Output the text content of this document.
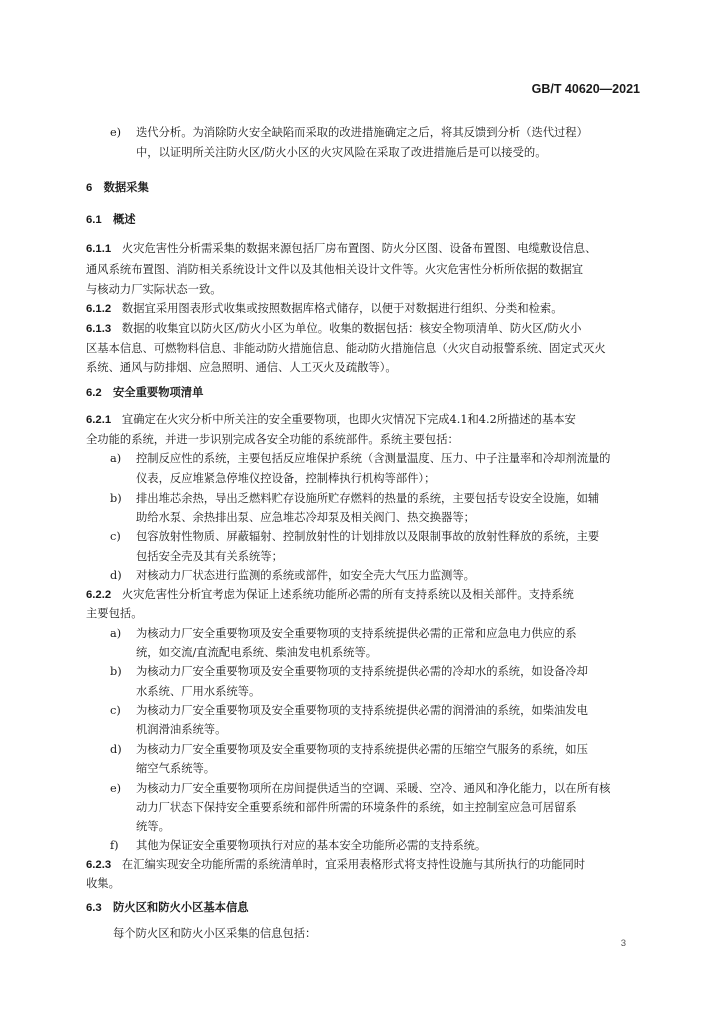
GB/T 40620—2021
e) 迭代分析。为消除防火安全缺陷而采取的改进措施确定之后，将其反馈到分析（迭代过程）
中，以证明所关注防火区/防火小区的火灾风险在采取了改进措施后是可以接受的。
6　数据采集
6.1　概述
6.1.1 火灾危害性分析需采集的数据来源包括厂房布置图、防火分区图、设备布置图、电缆敷设信息、
通风系统布置图、消防相关系统设计文件以及其他相关设计文件等。火灾危害性分析所依据的数据宜
与核动力厂实际状态一致。
6.1.2 数据宜采用图表形式收集或按照数据库格式储存，以便于对数据进行组织、分类和检索。
6.1.3 数据的收集宜以防火区/防火小区为单位。收集的数据包括：核安全物项清单、防火区/防火小
区基本信息、可燃物料信息、非能动防火措施信息、能动防火措施信息（火灾自动报警系统、固定式灭火
系统、通风与防排烟、应急照明、通信、人工灭火及疏散等）。
6.2　安全重要物项清单
6.2.1 宜确定在火灾分析中所关注的安全重要物项，也即火灾情况下完成4.1和4.2所描述的基本安
全功能的系统，并进一步识别完成各安全功能的系统部件。系统主要包括：
a) 控制反应性的系统，主要包括反应堆保护系统（含测量温度、压力、中子注量率和冷却剂流量的
仪表，反应堆紧急停堆仪控设备，控制棒执行机构等部件）；
b) 排出堆芯余热，导出乏燃料贮存设施所贮存燃料的热量的系统，主要包括专设安全设施，如辅
助给水泵、余热排出泵、应急堆芯冷却泵及相关阀门、热交换器等；
c) 包容放射性物质、屏蔽辐射、控制放射性的计划排放以及限制事故的放射性释放的系统，主要
包括安全壳及其有关系统等；
d) 对核动力厂状态进行监测的系统或部件，如安全壳大气压力监测等。
6.2.2 火灾危害性分析宜考虑为保证上述系统功能所必需的所有支持系统以及相关部件。支持系统
主要包括。
a) 为核动力厂安全重要物项及安全重要物项的支持系统提供必需的正常和应急电力供应的系
统，如交流/直流配电系统、柴油发电机系统等。
b) 为核动力厂安全重要物项及安全重要物项的支持系统提供必需的冷却水的系统，如设备冷却
水系统、厂用水系统等。
c) 为核动力厂安全重要物项及安全重要物项的支持系统提供必需的润滑油的系统，如柴油发电
机润滑油系统等。
d) 为核动力厂安全重要物项及安全重要物项的支持系统提供必需的压缩空气服务的系统，如压
缩空气系统等。
e) 为核动力厂安全重要物项所在房间提供适当的空调、采暖、空冷、通风和净化能力，以在所有核
动力厂状态下保持安全重要系统和部件所需的环境条件的系统，如主控制室应急可居留系
统等。
f) 其他为保证安全重要物项执行对应的基本安全功能所必需的支持系统。
6.2.3 在汇编实现安全功能所需的系统清单时，宜采用表格形式将支持性设施与其所执行的功能同时
收集。
6.3　防火区和防火小区基本信息
每个防火区和防火小区采集的信息包括：
3
